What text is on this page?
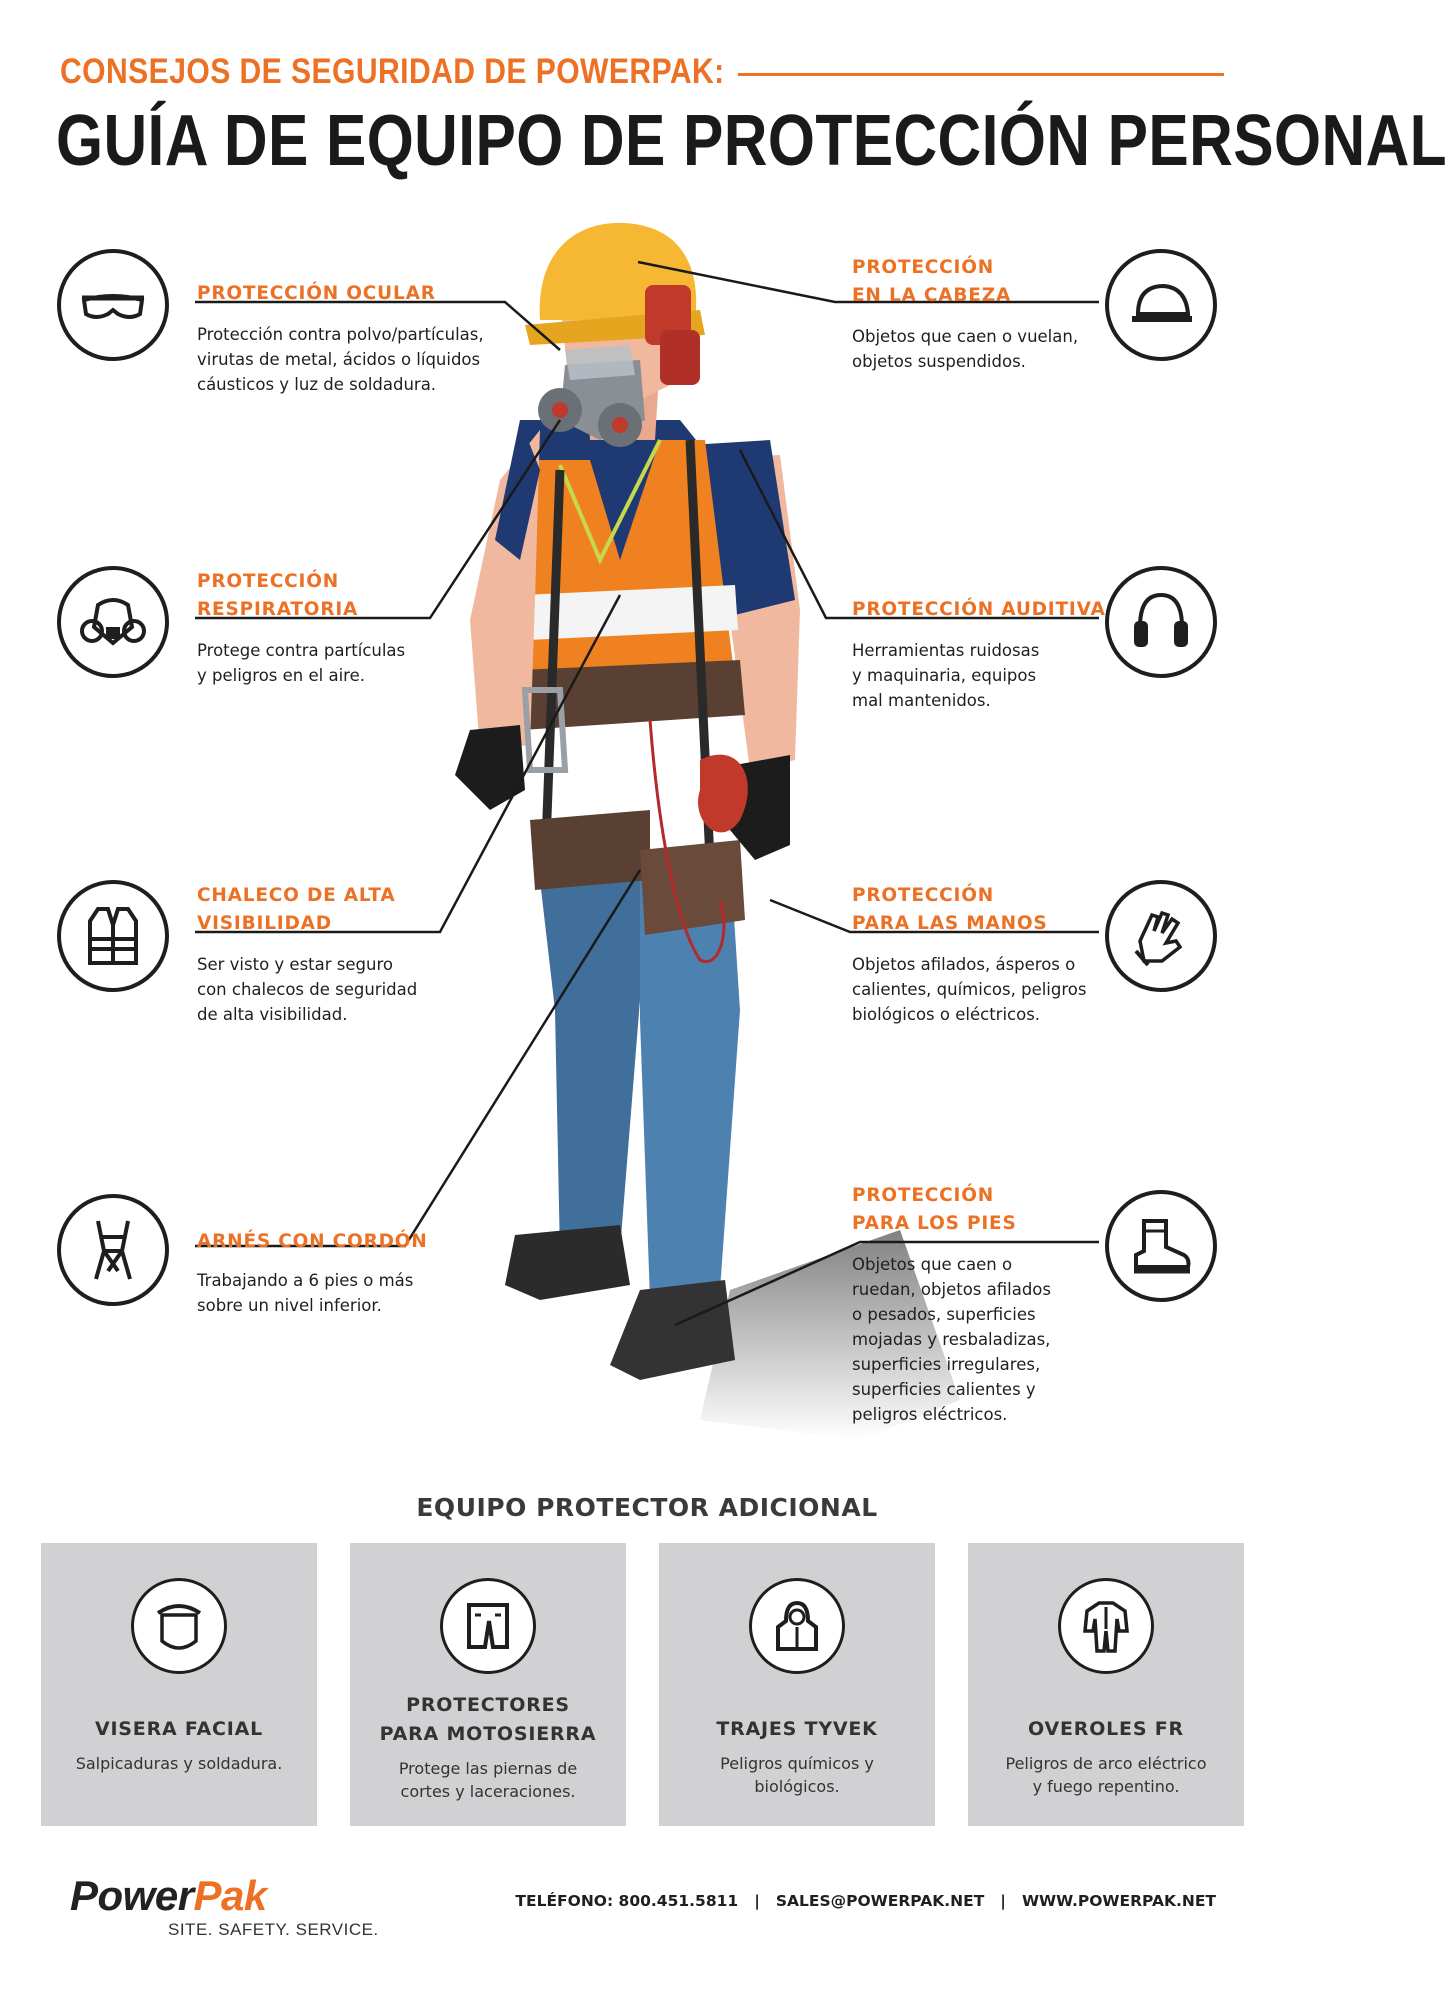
CONSEJOS DE SEGURIDAD DE POWERPAK:
GUÍA DE EQUIPO DE PROTECCIÓN PERSONAL
PROTECCIÓN OCULAR
Protección contra polvo/partículas,
virutas de metal, ácidos o líquidos
cáusticos y luz de soldadura.
PROTECCIÓN
RESPIRATORIA
Protege contra partículas
y peligros en el aire.
CHALECO DE ALTA
VISIBILIDAD
Ser visto y estar seguro
con chalecos de seguridad
de alta visibilidad.
ARNÉS CON CORDÓN
Trabajando a 6 pies o más
sobre un nivel inferior.
PROTECCIÓN
EN LA CABEZA
Objetos que caen o vuelan,
objetos suspendidos.
PROTECCIÓN AUDITIVA
Herramientas ruidosas
y maquinaria, equipos
mal mantenidos.
PROTECCIÓN
PARA LAS MANOS
Objetos afilados, ásperos o
calientes, químicos, peligros
biológicos o eléctricos.
PROTECCIÓN
PARA LOS PIES
Objetos que caen o
ruedan, objetos afilados
o pesados, superficies
mojadas y resbaladizas,
superficies irregulares,
superficies calientes y
peligros eléctricos.
EQUIPO PROTECTOR ADICIONAL
VISERA FACIAL
Salpicaduras y soldadura.
PROTECTORES
PARA MOTOSIERRA
Protege las piernas de
cortes y laceraciones.
TRAJES TYVEK
Peligros químicos y
biológicos.
OVEROLES FR
Peligros de arco eléctrico
y fuego repentino.
PowerPak
SITE. SAFETY. SERVICE.
TELÉFONO: 800.451.5811 | SALES@POWERPAK.NET | WWW.POWERPAK.NET
